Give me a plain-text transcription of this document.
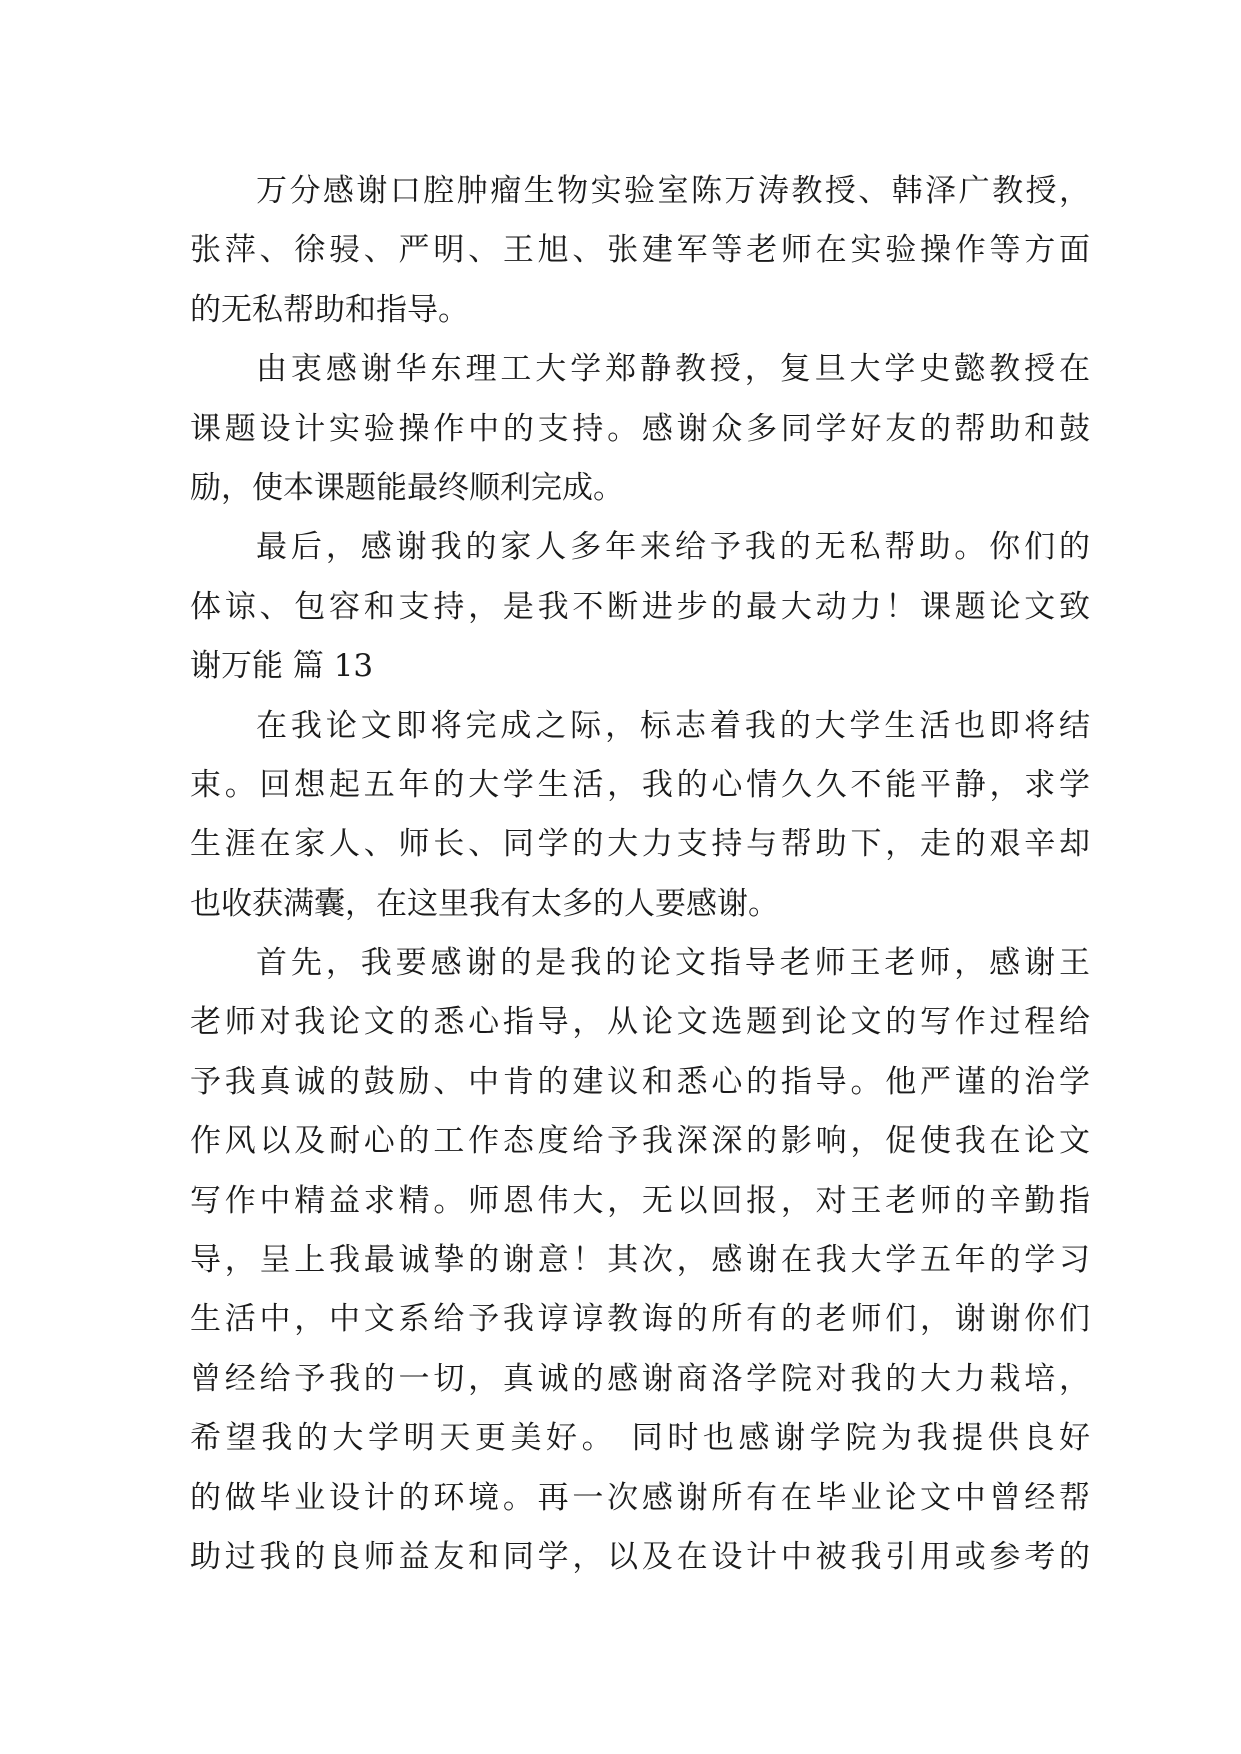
万分感谢口腔肿瘤生物实验室陈万涛教授、韩泽广教授，
张萍、徐骎、严明、王旭、张建军等老师在实验操作等方面
的无私帮助和指导。
由衷感谢华东理工大学郑静教授，复旦大学史懿教授在
课题设计实验操作中的支持。感谢众多同学好友的帮助和鼓
励，使本课题能最终顺利完成。
最后，感谢我的家人多年来给予我的无私帮助。你们的
体谅、包容和支持，是我不断进步的最大动力！课题论文致
谢万能 篇 13
在我论文即将完成之际，标志着我的大学生活也即将结
束。回想起五年的大学生活，我的心情久久不能平静，求学
生涯在家人、师长、同学的大力支持与帮助下，走的艰辛却
也收获满囊，在这里我有太多的人要感谢。
首先，我要感谢的是我的论文指导老师王老师，感谢王
老师对我论文的悉心指导，从论文选题到论文的写作过程给
予我真诚的鼓励、中肯的建议和悉心的指导。他严谨的治学
作风以及耐心的工作态度给予我深深的影响，促使我在论文
写作中精益求精。师恩伟大，无以回报，对王老师的辛勤指
导，呈上我最诚挚的谢意！其次，感谢在我大学五年的学习
生活中，中文系给予我谆谆教诲的所有的老师们，谢谢你们
曾经给予我的一切，真诚的感谢商洛学院对我的大力栽培，
希望我的大学明天更美好。 同时也感谢学院为我提供良好
的做毕业设计的环境。再一次感谢所有在毕业论文中曾经帮
助过我的良师益友和同学，以及在设计中被我引用或参考的
